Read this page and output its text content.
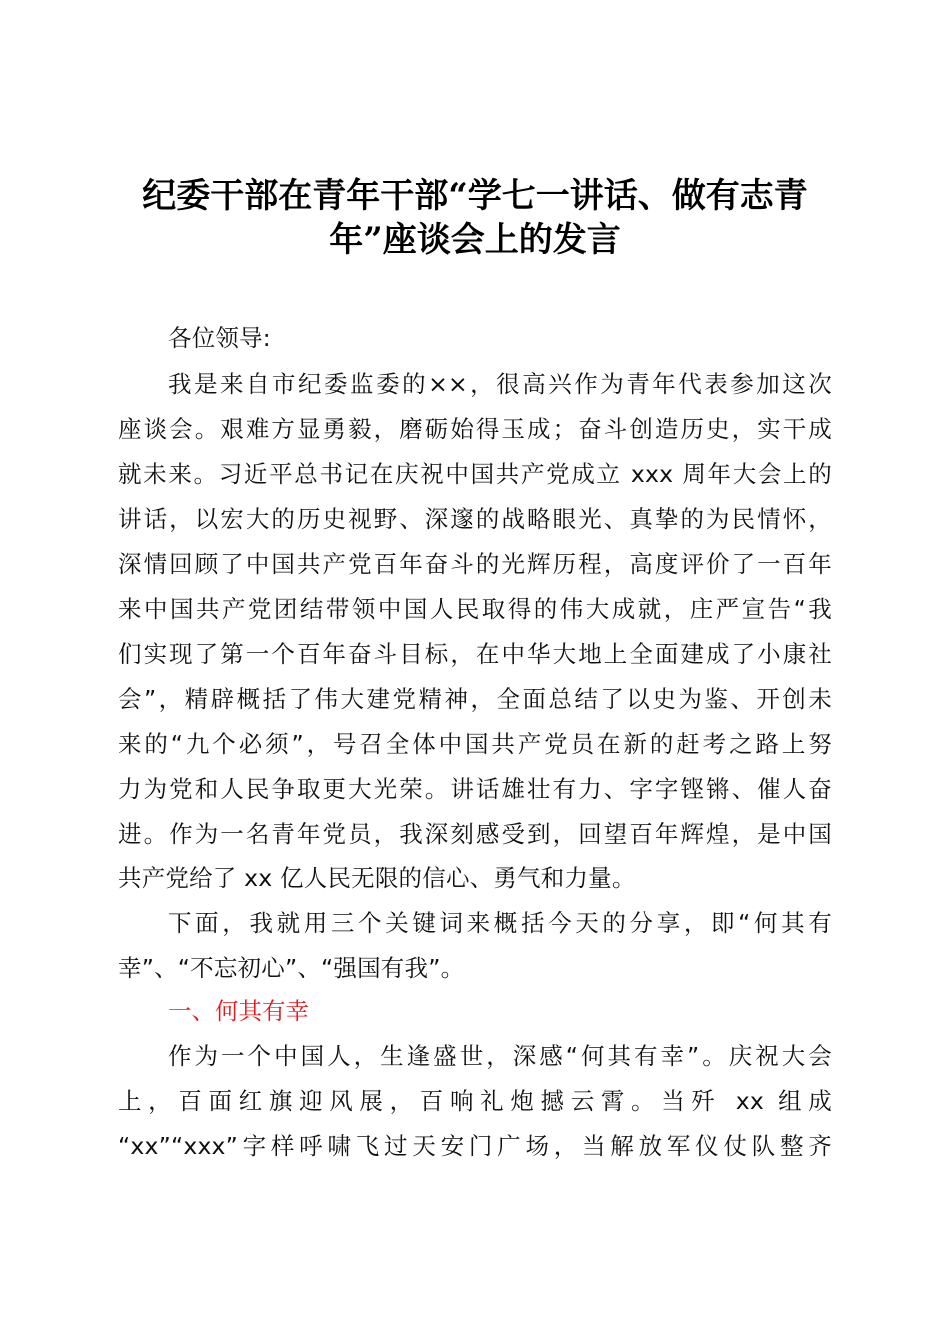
纪委干部在青年干部“学七一讲话、做有志青
年”座谈会上的发言
各位领导:
我是来自市纪委监委的××，很高兴作为青年代表参加这次
座谈会。艰难方显勇毅，磨砺始得玉成；奋斗创造历史，实干成
就未来。习近平总书记在庆祝中国共产党成立 xxx 周年大会上的
讲话，以宏大的历史视野、深邃的战略眼光、真挚的为民情怀，
深情回顾了中国共产党百年奋斗的光辉历程，高度评价了一百年
来中国共产党团结带领中国人民取得的伟大成就，庄严宣告“我
们实现了第一个百年奋斗目标，在中华大地上全面建成了小康社
会”，精辟概括了伟大建党精神，全面总结了以史为鉴、开创未
来的“九个必须”，号召全体中国共产党员在新的赶考之路上努
力为党和人民争取更大光荣。讲话雄壮有力、字字铿锵、催人奋
进。作为一名青年党员，我深刻感受到，回望百年辉煌，是中国
共产党给了 xx 亿人民无限的信心、勇气和力量。
下面，我就用三个关键词来概括今天的分享，即“何其有
幸”、“不忘初心”、“强国有我”。
一、何其有幸
作为一个中国人，生逢盛世，深感“何其有幸”。庆祝大会
上，百面红旗迎风展，百响礼炮撼云霄。当歼 xx 组成
“xx”“xxx”字样呼啸飞过天安门广场，当解放军仪仗队整齐
